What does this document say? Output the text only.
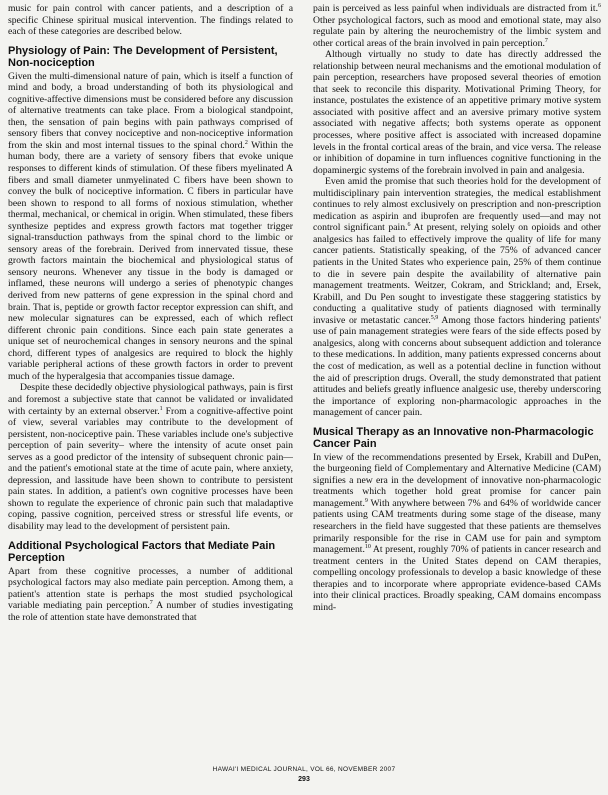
music for pain control with cancer patients, and a description of a specific Chinese spiritual musical intervention. The findings related to each of these categories are described below.

Physiology of Pain: The Development of Persistent, Non-nociception

Given the multi-dimensional nature of pain, which is itself a function of mind and body, a broad understanding of both its physiological and cognitive-affective dimensions must be considered before any discussion of alternative treatments can take place. From a biological standpoint, then, the sensation of pain begins with pain pathways comprised of sensory fibers that convey nociceptive and non-nociceptive information from the skin and most internal tissues to the spinal chord.$^2$ Within the human body, there are a variety of sensory fibers that evoke unique responses to different kinds of stimulation. Of these fibers myelinated A fibers and small diameter unmyelinated C fibers have been shown to convey the bulk of nociceptive information. C fibers in particular have been shown to respond to all forms of noxious stimulation, whether thermal, mechanical, or chemical in origin. When stimulated, these fibers synthesize peptides and express growth factors mat together trigger signal-transduction pathways from the spinal chord to the limbic or sensory areas of the forebrain. Derived from innervated tissue, these growth factors maintain the biochemical and physiological status of sensory neurons. Whenever any tissue in the body is damaged or inflamed, these neurons will undergo a series of phenotypic changes derived from new patterns of gene expression in the spinal chord and brain. That is, peptide or growth factor receptor expression can shift, and new molecular signatures can be expressed, each of which reflect different chronic pain conditions. Since each pain state generates a unique set of neurochemical changes in sensory neurons and the spinal chord, different types of analgesics are required to block the highly variable peripheral actions of these growth factors in order to prevent much of the hyperalgesia that accompanies tissue damage.

Despite these decidedly objective physiological pathways, pain is first and foremost a subjective state that cannot be validated or invalidated with certainty by an external observer.$^1$ From a cognitive-affective point of view, several variables may contribute to the development of persistent, non-nociceptive pain. These variables include one's subjective perception of pain severity– where the intensity of acute onset pain serves as a good predictor of the intensity of subsequent chronic pain— and the patient's emotional state at the time of acute pain, where anxiety, depression, and lassitude have been shown to contribute to persistent pain states. In addition, a patient's own cognitive processes have been shown to regulate the experience of chronic pain such that maladaptive coping, passive cognition, perceived stress or stressful life events, or disability may lead to the development of persistent pain.

Additional Psychological Factors that Mediate Pain Perception

Apart from these cognitive processes, a number of additional psychological factors may also mediate pain perception. Among them, a patient's attention state is perhaps the most studied psychological variable mediating pain perception.$^7$ A number of studies investigating the role of attention state have demonstrated that

pain is perceived as less painful when individuals are distracted from it.$^6$ Other psychological factors, such as mood and emotional state, may also regulate pain by altering the neurochemistry of the limbic system and other cortical areas of the brain involved in pain perception.$^7$

Although virtually no study to date has directly addressed the relationship between neural mechanisms and the emotional modulation of pain perception, researchers have proposed several theories of emotion that seek to reconcile this disparity. Motivational Priming Theory, for instance, postulates the existence of an appetitive primary motive system associated with positive affect and an aversive primary motive system associated with negative affects; both systems operate as opponent processes, where positive affect is associated with increased dopamine levels in the frontal cortical areas of the brain, and vice versa. The release or inhibition of dopamine in turn influences cognitive functioning in the dopaminergic systems of the forebrain involved in pain and analgesia.

Even amid the promise that such theories hold for the development of multidisciplinary pain intervention strategies, the medical establishment continues to rely almost exclusively on prescription and non-prescription medication as aspirin and ibuprofen are frequently used—and may not control significant pain.$^6$ At present, relying solely on opioids and other analgesics has failed to effectively improve the quality of life for many cancer patients. Statistically speaking, of the 75% of advanced cancer patients in the United States who experience pain, 25% of them continue to die in severe pain despite the availability of alternative pain management treatments. Weitzer, Cokram, and Strickland; and, Ersek, Krabill, and Du Pen sought to investigate these staggering statistics by conducting a qualitative study of patients diagnosed with terminally invasive or metastatic cancer.$^{5,9}$ Among those factors hindering patients' use of pain management strategies were fears of the side effects posed by analgesics, along with concerns about subsequent addiction and tolerance to these medications. In addition, many patients expressed concerns about the cost of medication, as well as a potential decline in function without the aid of prescription drugs. Overall, the study demonstrated that patient attitudes and beliefs greatly influence analgesic use, thereby underscoring the importance of exploring non-pharmacologic approaches in the management of cancer pain.

Musical Therapy as an Innovative non-Pharmacologic Cancer Pain

In view of the recommendations presented by Ersek, Krabill and DuPen, the burgeoning field of Complementary and Alternative Medicine (CAM) signifies a new era in the development of innovative non-pharmacologic treatments which together hold great promise for cancer pain management.$^9$ With anywhere between 7% and 64% of worldwide cancer patients using CAM treatments during some stage of the disease, many researchers in the field have suggested that these patients are themselves primarily responsible for the rise in CAM use for pain and symptom management.$^{10}$ At present, roughly 70% of patients in cancer research and treatment centers in the United States depend on CAM therapies, compelling oncology professionals to develop a basic knowledge of these therapies and to incorporate where appropriate evidence-based CAMs into their clinical practices. Broadly speaking, CAM domains encompass mind-

HAWAI'I MEDICAL JOURNAL, VOL 66, NOVEMBER 2007
293
